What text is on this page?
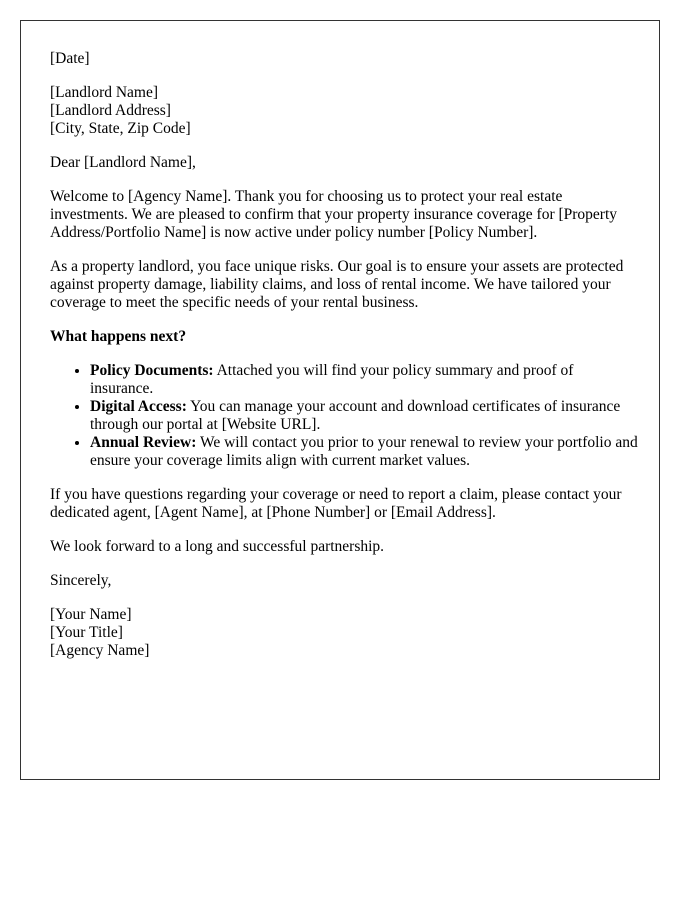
[Date]
[Landlord Name]
[Landlord Address]
[City, State, Zip Code]

Dear [Landlord Name],

Welcome to [Agency Name]. Thank you for choosing us to protect your real estate investments. We are pleased to confirm that your property insurance coverage for [Property Address/Portfolio Name] is now active under policy number [Policy Number].

As a property landlord, you face unique risks. Our goal is to ensure your assets are protected against property damage, liability claims, and loss of rental income. We have tailored your coverage to meet the specific needs of your rental business.

What happens next?
• Policy Documents: Attached you will find your policy summary and proof of insurance.
• Digital Access: You can manage your account and download certificates of insurance through our portal at [Website URL].
• Annual Review: We will contact you prior to your renewal to review your portfolio and ensure your coverage limits align with current market values.

If you have questions regarding your coverage or need to report a claim, please contact your dedicated agent, [Agent Name], at [Phone Number] or [Email Address].

We look forward to a long and successful partnership.

Sincerely,

[Your Name]
[Your Title]
[Agency Name]
